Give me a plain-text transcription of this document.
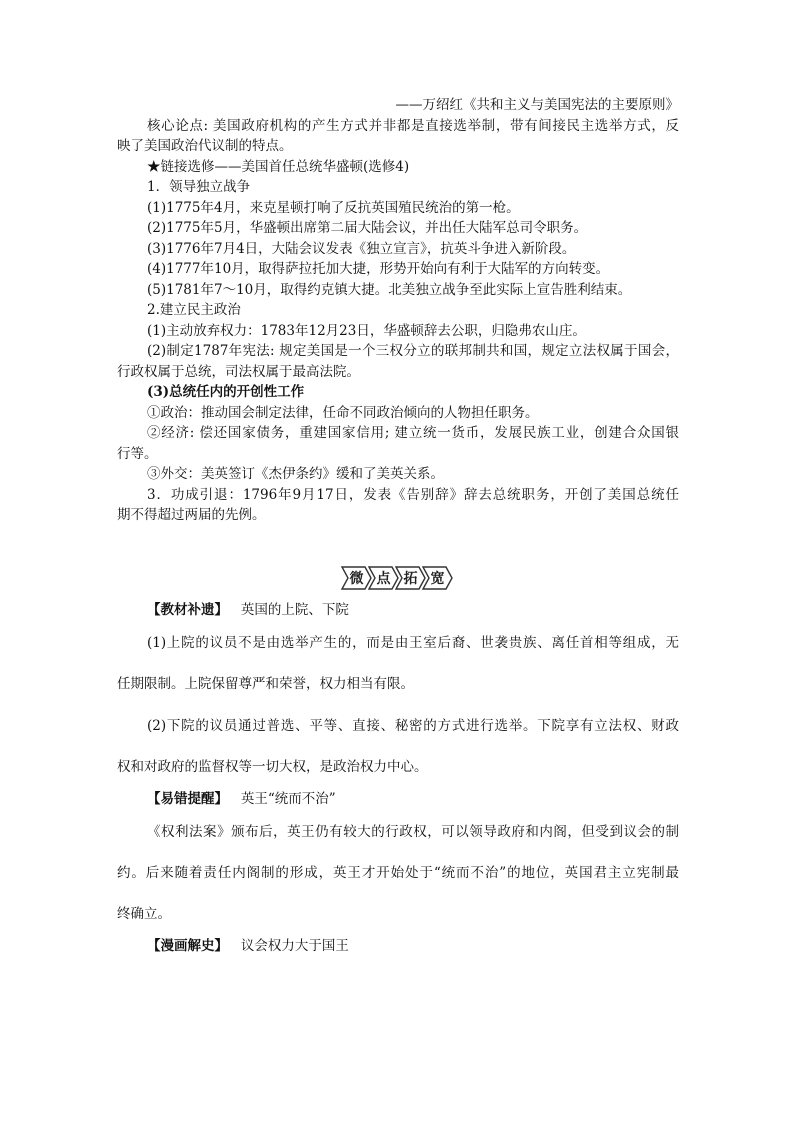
——万绍红《共和主义与美国宪法的主要原则》

核心论点: 美国政府机构的产生方式并非都是直接选举制，带有间接民主选举方式，反

映了美国政治代议制的特点。

★链接选修——美国首任总统华盛顿(选修4)

1．领导独立战争

(1)1775年4月，来克星顿打响了反抗英国殖民统治的第一枪。

(2)1775年5月，华盛顿出席第二届大陆会议，并出任大陆军总司令职务。

(3)1776年7月4日，大陆会议发表《独立宣言》，抗英斗争进入新阶段。

(4)1777年10月，取得萨拉托加大捷，形势开始向有利于大陆军的方向转变。

(5)1781年7～10月，取得约克镇大捷。北美独立战争至此实际上宣告胜利结束。

2.建立民主政治

(1)主动放弃权力：1783年12月23日，华盛顿辞去公职，归隐弗农山庄。

(2)制定1787年宪法: 规定美国是一个三权分立的联邦制共和国，规定立法权属于国会，

行政权属于总统，司法权属于最高法院。

(3)总统任内的开创性工作

①政治：推动国会制定法律，任命不同政治倾向的人物担任职务。

②经济: 偿还国家债务，重建国家信用; 建立统一货币，发展民族工业，创建合众国银

行等。

③外交：美英签订《杰伊条约》缓和了美英关系。

3．功成引退：1796年9月17日，发表《告别辞》辞去总统职务，开创了美国总统任

期不得超过两届的先例。

微 点 拓 宽
【教材补遗】 英国的上院、下院
(1)上院的议员不是由选举产生的，而是由王室后裔、世袭贵族、离任首相等组成，无
任期限制。上院保留尊严和荣誉，权力相当有限。
(2)下院的议员通过普选、平等、直接、秘密的方式进行选举。下院享有立法权、财政
权和对政府的监督权等一切大权，是政治权力中心。
【易错提醒】 英王“统而不治”
《权利法案》颁布后，英王仍有较大的行政权，可以领导政府和内阁，但受到议会的制
约。后来随着责任内阁制的形成，英王才开始处于“统而不治”的地位，英国君主立宪制最
终确立。
【漫画解史】 议会权力大于国王
